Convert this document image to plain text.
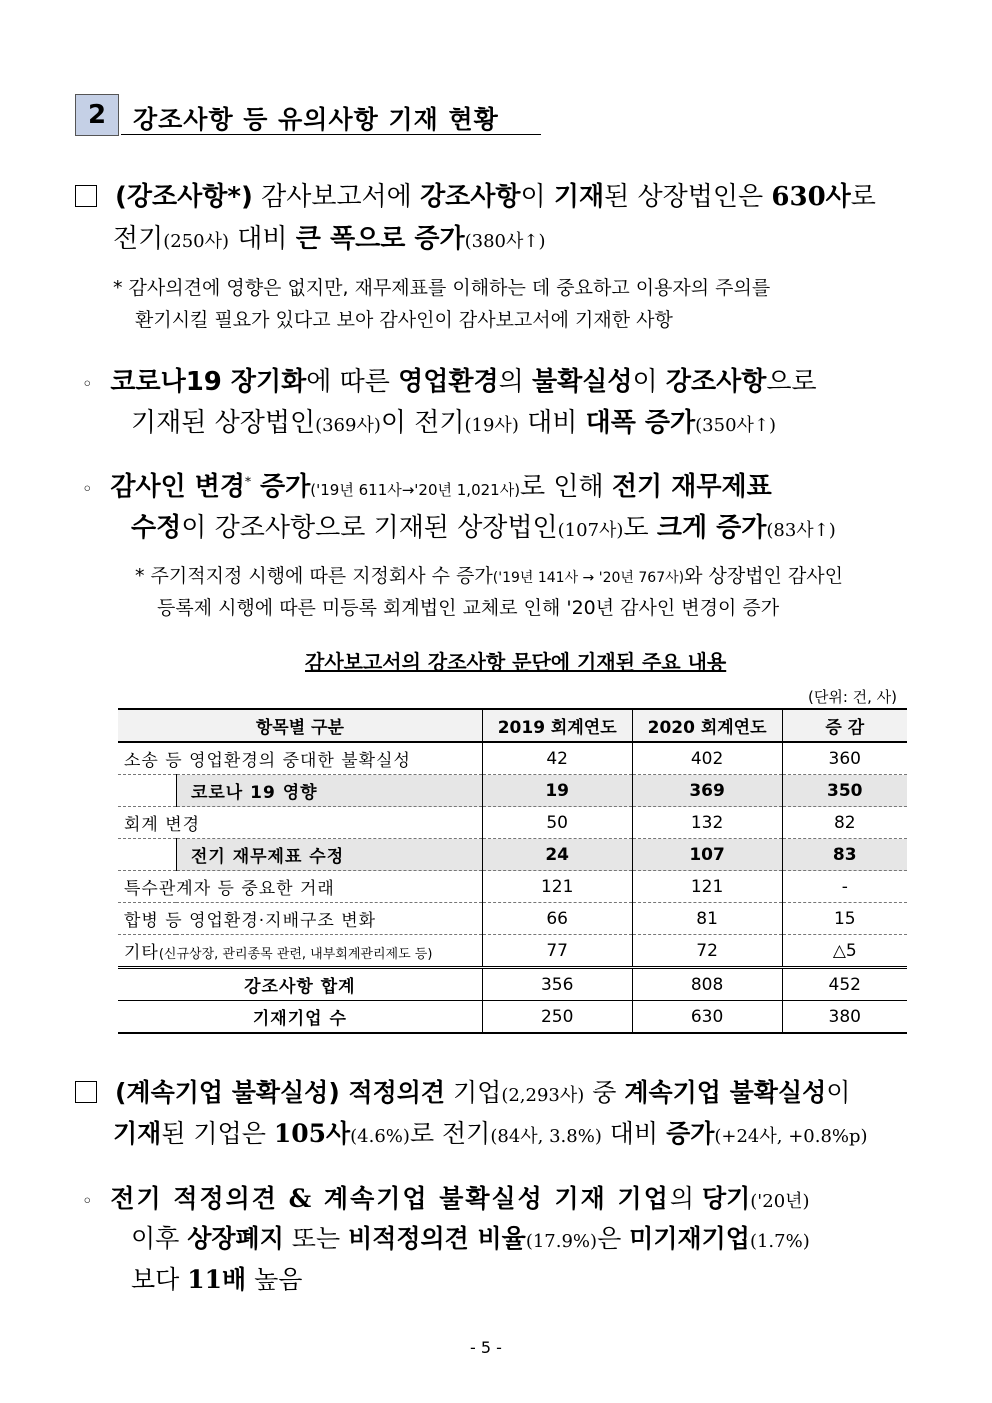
2	강조사항 등 유의사항 기재 현황
(강조사항*) 감사보고서에 강조사항이 기재된 상장법인은 630사로
전기(250사) 대비 큰 폭으로 증가(380사↑)
* 감사의견에 영향은 없지만, 재무제표를 이해하는 데 중요하고 이용자의 주의를
환기시킬 필요가 있다고 보아 감사인이 감사보고서에 기재한 사항
◦ 코로나19 장기화에 따른 영업환경의 불확실성이 강조사항으로
기재된 상장법인(369사)이 전기(19사) 대비 대폭 증가(350사↑)
◦ 감사인 변경* 증가('19년 611사→'20년 1,021사)로 인해 전기 재무제표
수정이 강조사항으로 기재된 상장법인(107사)도 크게 증가(83사↑)
* 주기적지정 시행에 따른 지정회사 수 증가('19년 141사 → '20년 767사)와 상장법인 감사인
등록제 시행에 따른 미등록 회계법인 교체로 인해 '20년 감사인 변경이 증가
감사보고서의 강조사항 문단에 기재된 주요 내용
(단위: 건, 사)
항목별 구분		2019 회계연도	2020 회계연도	증 감
소송 등 영업환경의 중대한 불확실성		42	402	360
	코로나 19 영향	19	369	350
회계 변경		50	132	82
	전기 재무제표 수정	24	107	83
특수관계자 등 중요한 거래		121	121	-
합병 등 영업환경·지배구조 변화		66	81	15
기타(신규상장, 관리종목 관련, 내부회계관리제도 등)		77	72	△5
강조사항 합계		356	808	452
기재기업 수		250	630	380
(계속기업 불확실성) 적정의견 기업(2,293사) 중 계속기업 불확실성이
기재된 기업은 105사(4.6%)로 전기(84사, 3.8%) 대비 증가(+24사, +0.8%p)
◦ 전기 적정의견 & 계속기업 불확실성 기재 기업의 당기('20년)
이후 상장폐지 또는 비적정의견 비율(17.9%)은 미기재기업(1.7%)
보다 11배 높음
- 5 -
